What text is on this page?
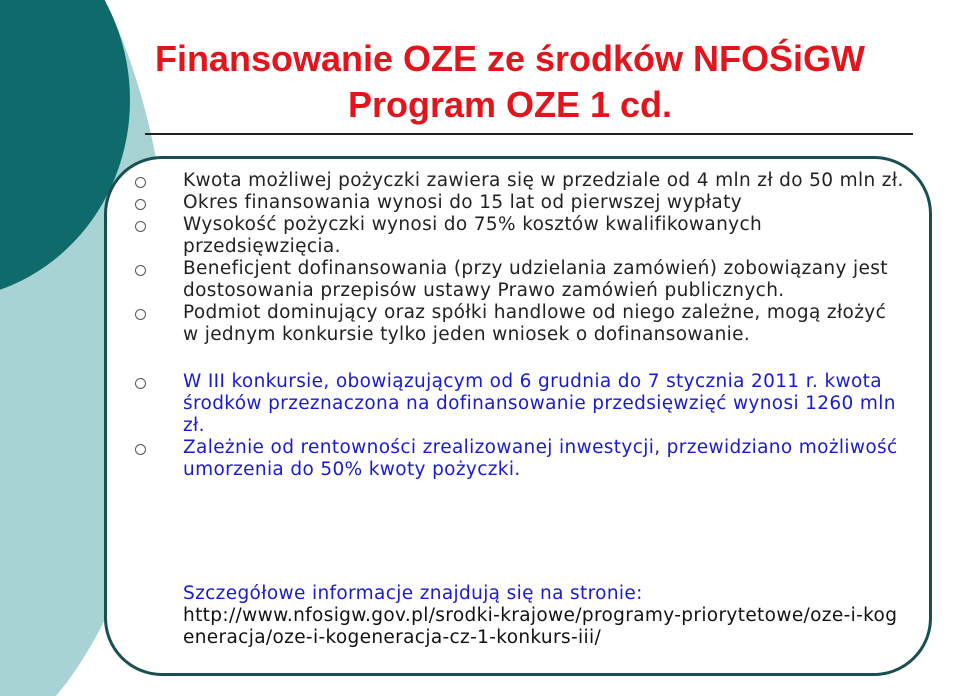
Finansowanie OZE ze środków NFOŚiGW
Program OZE 1 cd.
Kwota możliwej pożyczki zawiera się w przedziale od 4 mln zł do 50 mln zł.
Okres finansowania wynosi do 15 lat od pierwszej wypłaty
Wysokość pożyczki wynosi do 75% kosztów kwalifikowanych przedsięwzięcia.
Beneficjent dofinansowania (przy udzielania zamówień) zobowiązany jest dostosowania przepisów ustawy Prawo zamówień publicznych.
Podmiot dominujący oraz spółki handlowe od niego zależne, mogą złożyć w jednym konkursie tylko jeden wniosek o dofinansowanie.
W III konkursie, obowiązującym od 6 grudnia do 7 stycznia 2011 r. kwota środków przeznaczona na dofinansowanie przedsięwzięć wynosi 1260 mln zł.
Zależnie od rentowności zrealizowanej inwestycji, przewidziano możliwość umorzenia do 50% kwoty pożyczki.
Szczegółowe informacje znajdują się na stronie:
http://www.nfosigw.gov.pl/srodki-krajowe/programy-priorytetowe/oze-i-kogeneracja/oze-i-kogeneracja-cz-1-konkurs-iii/
